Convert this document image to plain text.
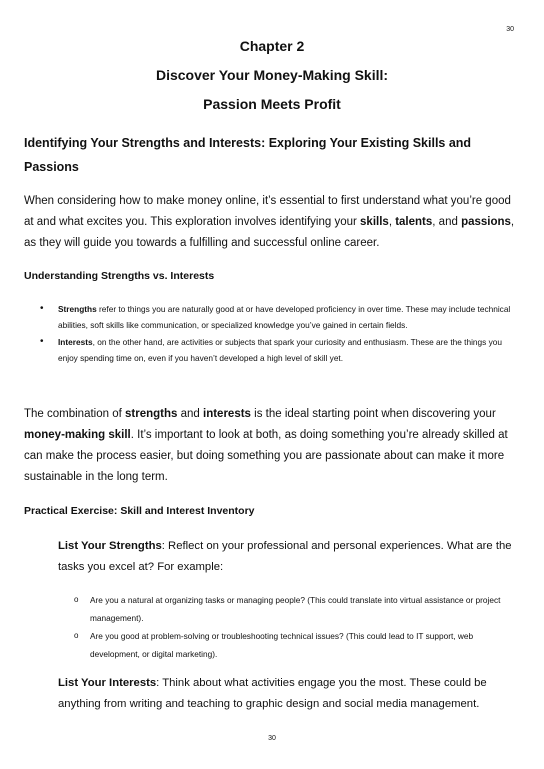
30
Chapter 2
Discover Your Money-Making Skill:
Passion Meets Profit
Identifying Your Strengths and Interests: Exploring Your Existing Skills and Passions
When considering how to make money online, it’s essential to first understand what you’re good at and what excites you. This exploration involves identifying your skills, talents, and passions, as they will guide you towards a fulfilling and successful online career.
Understanding Strengths vs. Interests
• Strengths refer to things you are naturally good at or have developed proficiency in over time. These may include technical abilities, soft skills like communication, or specialized knowledge you’ve gained in certain fields.
• Interests, on the other hand, are activities or subjects that spark your curiosity and enthusiasm. These are the things you enjoy spending time on, even if you haven’t developed a high level of skill yet.
The combination of strengths and interests is the ideal starting point when discovering your money-making skill. It’s important to look at both, as doing something you’re already skilled at can make the process easier, but doing something you are passionate about can make it more sustainable in the long term.
Practical Exercise: Skill and Interest Inventory
List Your Strengths: Reflect on your professional and personal experiences. What are the tasks you excel at? For example:
o Are you a natural at organizing tasks or managing people? (This could translate into virtual assistance or project management).
o Are you good at problem-solving or troubleshooting technical issues? (This could lead to IT support, web development, or digital marketing).
List Your Interests: Think about what activities engage you the most. These could be anything from writing and teaching to graphic design and social media management.
30
